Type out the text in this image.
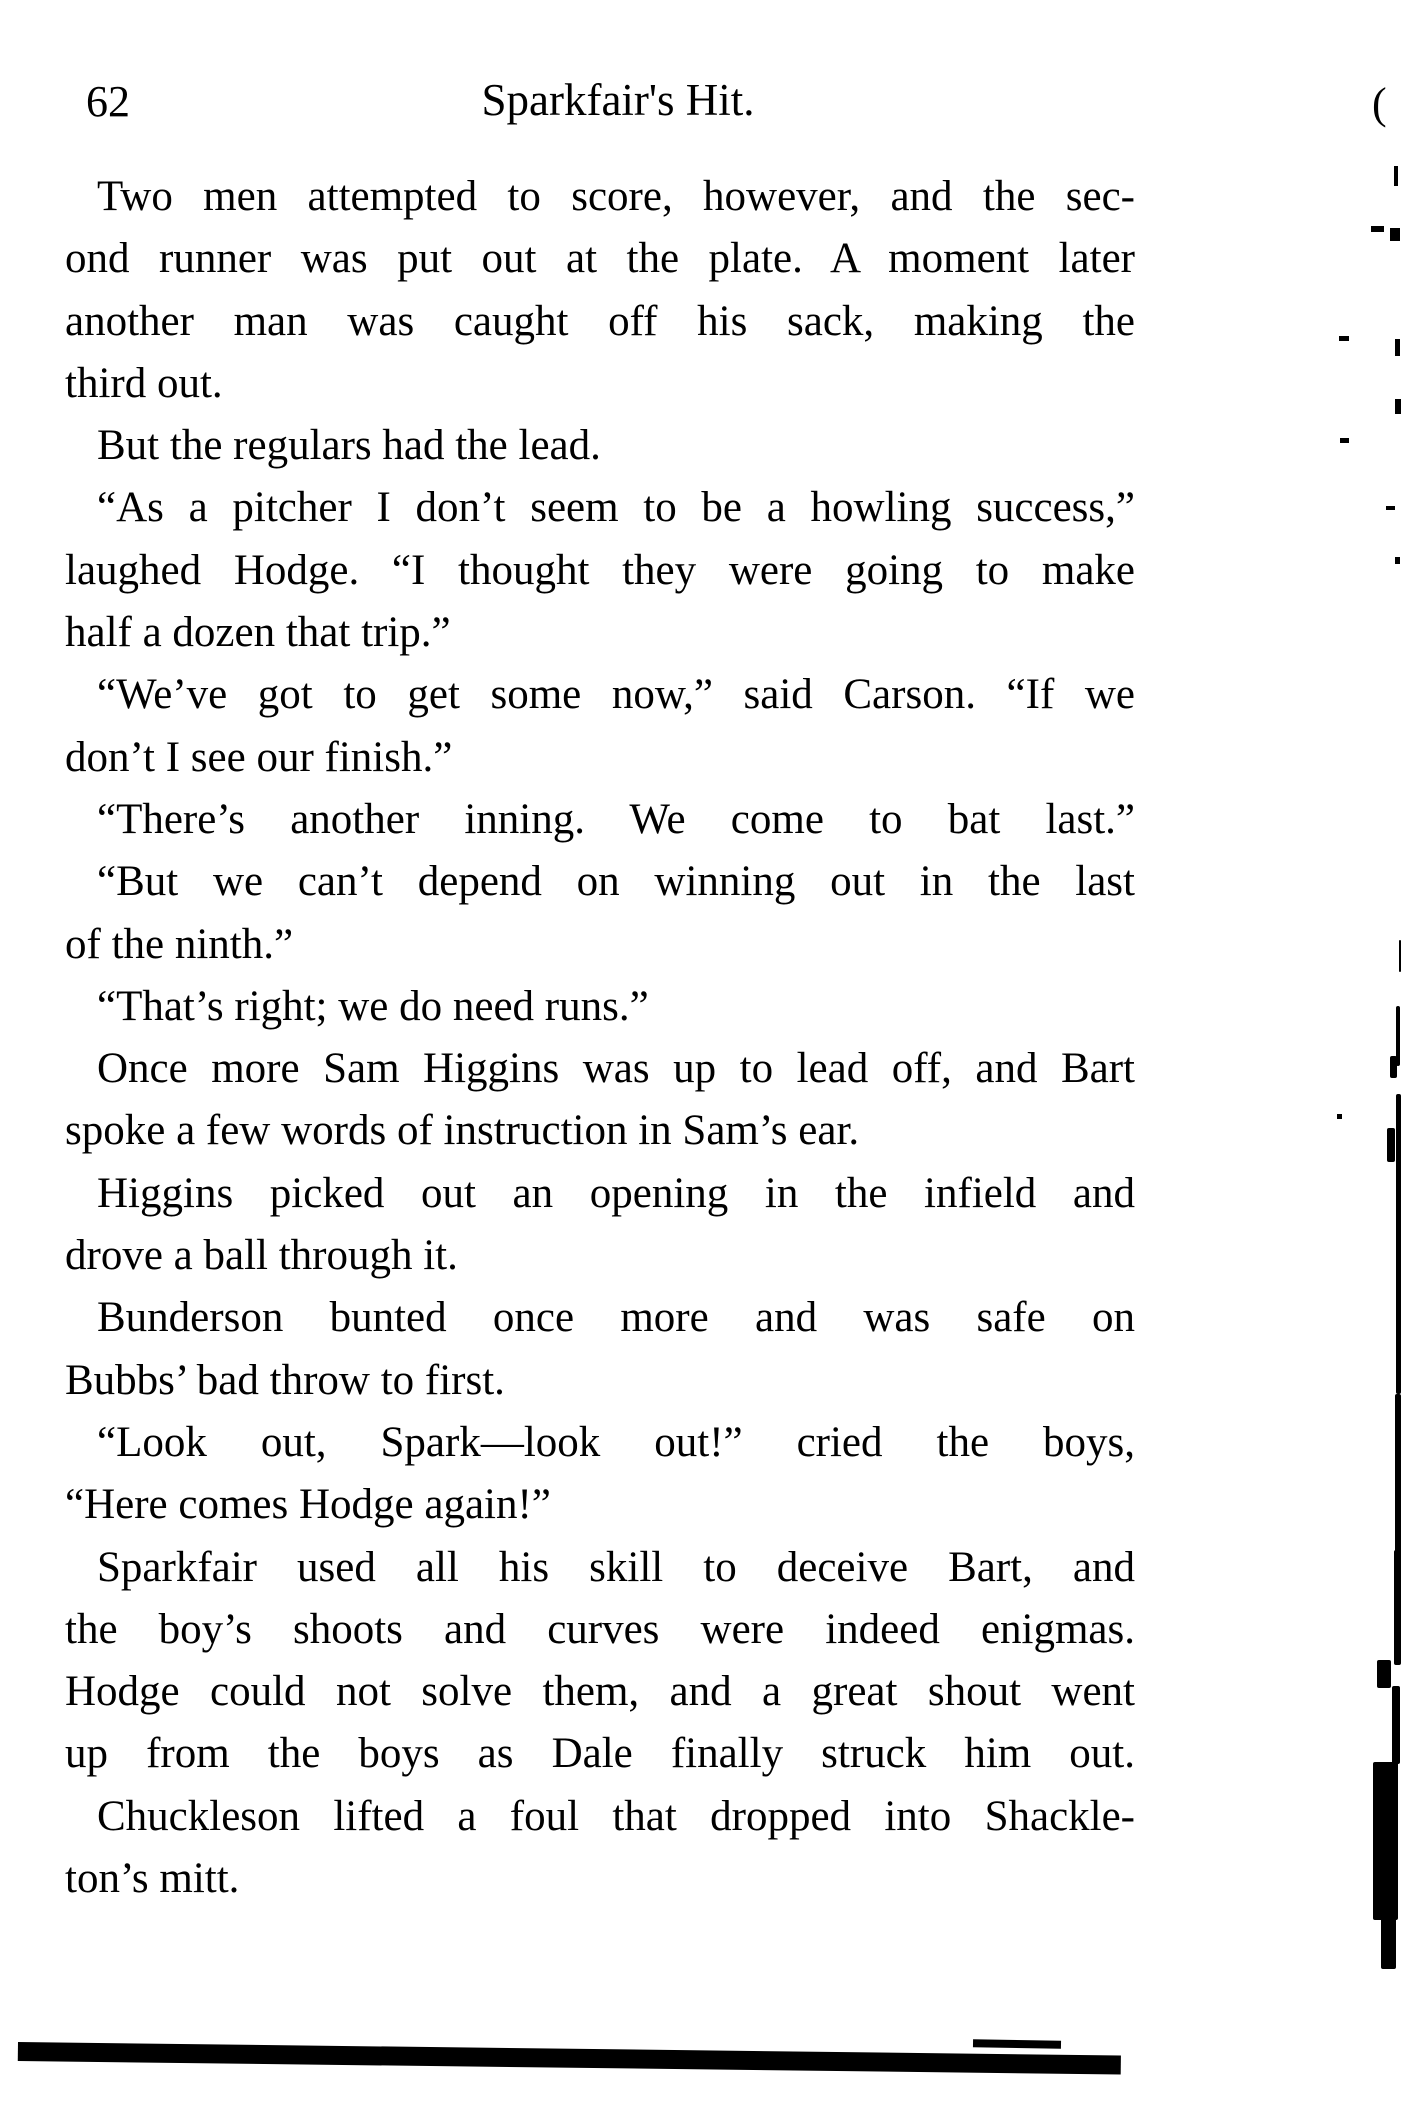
62	Sparkfair's Hit.
Two men attempted to score, however, and the sec-
ond runner was put out at the plate. A moment later
another man was caught off his sack, making the
third out.
But the regulars had the lead.
“As a pitcher I don’t seem to be a howling success,”
laughed Hodge. “I thought they were going to make
half a dozen that trip.”
“We’ve got to get some now,” said Carson. “If we
don’t I see our finish.”
“There’s another inning. We come to bat last.”
“But we can’t depend on winning out in the last
of the ninth.”
“That’s right; we do need runs.”
Once more Sam Higgins was up to lead off, and Bart
spoke a few words of instruction in Sam’s ear.
Higgins picked out an opening in the infield and
drove a ball through it.
Bunderson bunted once more and was safe on
Bubbs’ bad throw to first.
“Look out, Spark—look out!” cried the boys,
“Here comes Hodge again!”
Sparkfair used all his skill to deceive Bart, and
the boy’s shoots and curves were indeed enigmas.
Hodge could not solve them, and a great shout went
up from the boys as Dale finally struck him out.
Chuckleson lifted a foul that dropped into Shackle-
ton’s mitt.
(
